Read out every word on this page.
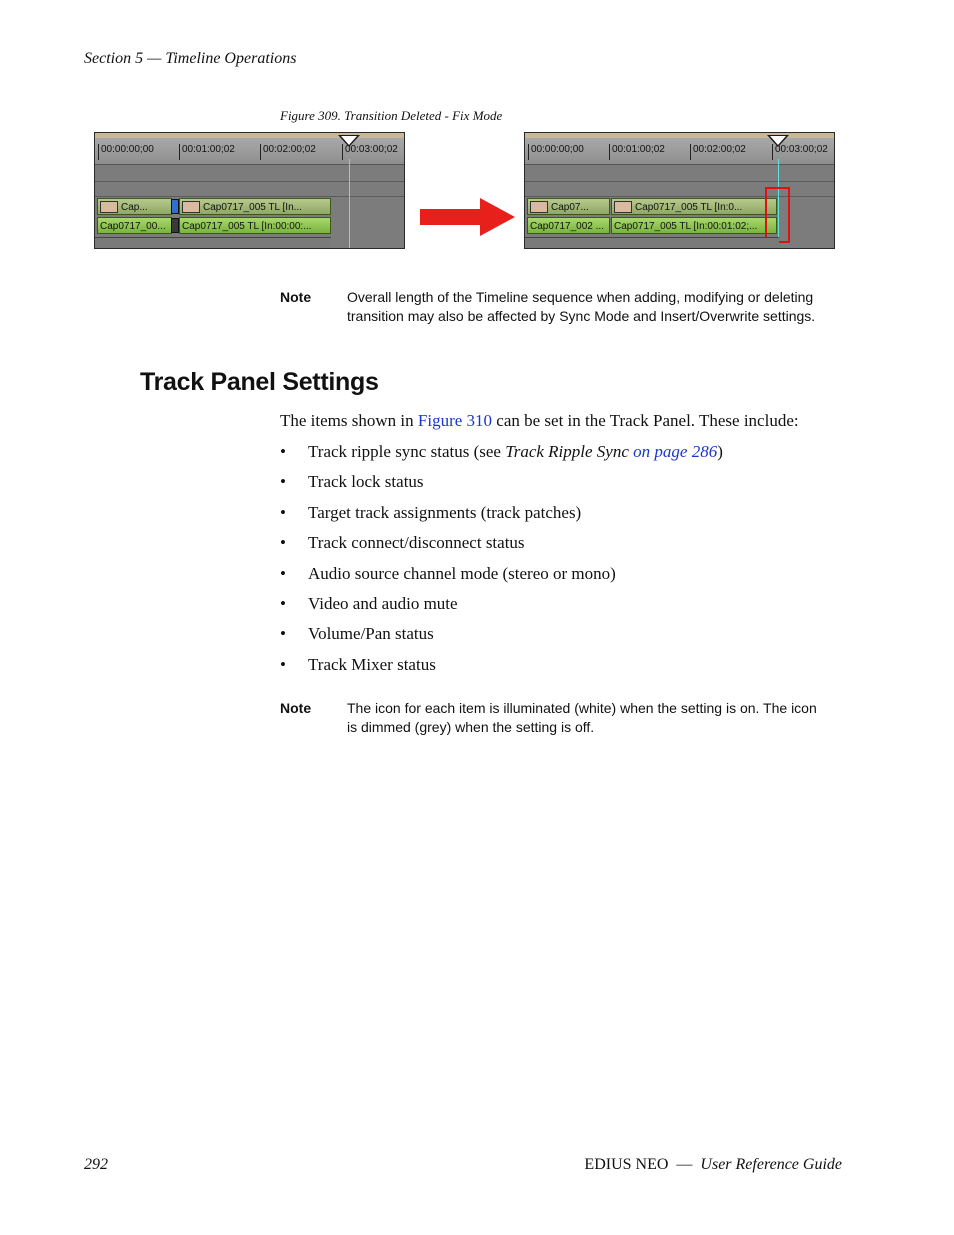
Section 5 — Timeline Operations
Figure 309. Transition Deleted - Fix Mode
00:00:00;00	00:01:00;02	00:02:00;02	00:03:00;02
Cap...	Cap0717_005 TL [In...
Cap0717_00...	Cap0717_005 TL [In:00:00:...
00:00:00;00	00:01:00;02	00:02:00;02	00:03:00;02
Cap07...	Cap0717_005 TL [In:0...
Cap0717_002 ...	Cap0717_005 TL [In:00:01:02;...
Note	Overall length of the Timeline sequence when adding, modifying or deleting transition may also be affected by Sync Mode and Insert/Overwrite settings.
Track Panel Settings
The items shown in Figure 310 can be set in the Track Panel. These include:
• Track ripple sync status (see Track Ripple Sync on page 286)
• Track lock status
• Target track assignments (track patches)
• Track connect/disconnect status
• Audio source channel mode (stereo or mono)
• Video and audio mute
• Volume/Pan status
• Track Mixer status
Note	The icon for each item is illuminated (white) when the setting is on. The icon is dimmed (grey) when the setting is off.
292	EDIUS NEO — User Reference Guide
